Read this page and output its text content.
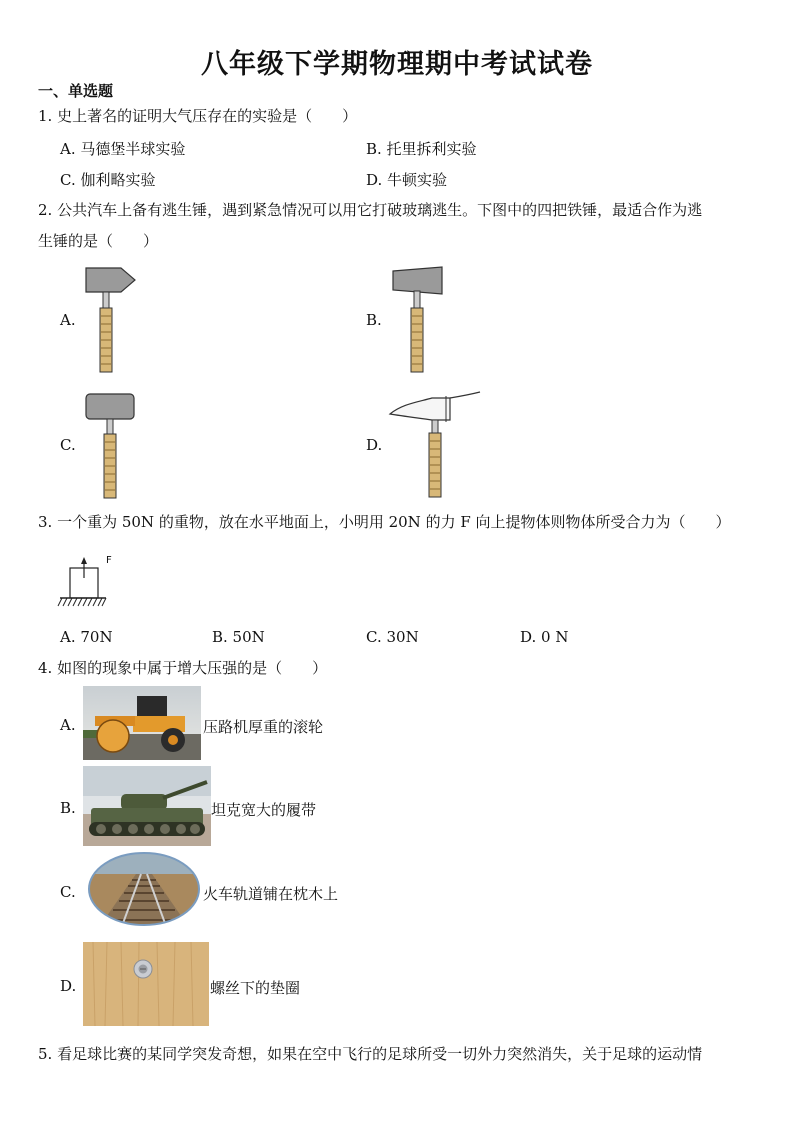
八年级下学期物理期中考试试卷
一、单选题
1. 史上著名的证明大气压存在的实验是（　　）
A. 马德堡半球实验	B. 托里拆利实验
C. 伽利略实验	D. 牛顿实验
2. 公共汽车上备有逃生锤，遇到紧急情况可以用它打破玻璃逃生。下图中的四把铁锤，最适合作为逃
生锤的是（　　）
A.	B.
C.	D.
3. 一个重为 50N 的重物，放在水平地面上，小明用 20N 的力 F 向上提物体则物体所受合力为（　　）
F
A. 70N	B. 50N	C. 30N	D. 0 N
4. 如图的现象中属于增大压强的是（　　）
A.	压路机厚重的滚轮
B.	坦克宽大的履带
C.	火车轨道铺在枕木上
D.	螺丝下的垫圈
5. 看足球比赛的某同学突发奇想，如果在空中飞行的足球所受一切外力突然消失，关于足球的运动情
